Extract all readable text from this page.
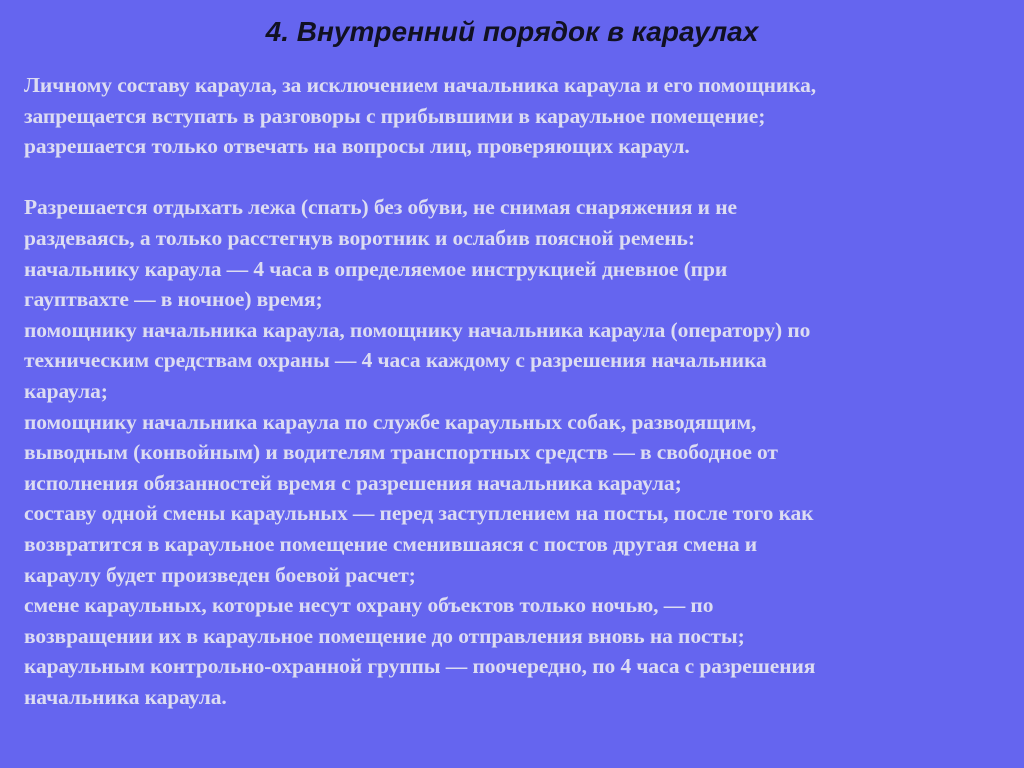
4. Внутренний порядок в караулах

Личному составу караула, за исключением начальника караула и его помощника,
запрещается вступать в разговоры с прибывшими в караульное помещение;
разрешается только отвечать на вопросы лиц, проверяющих караул.

Разрешается отдыхать лежа (спать) без обуви, не снимая снаряжения и не
раздеваясь, а только расстегнув воротник и ослабив поясной ремень:
начальнику караула — 4 часа в определяемое инструкцией дневное (при
гауптвахте — в ночное) время;
помощнику начальника караула, помощнику начальника караула (оператору) по
техническим средствам охраны — 4 часа каждому с разрешения начальника
караула;
помощнику начальника караула по службе караульных собак, разводящим,
выводным (конвойным) и водителям транспортных средств — в свободное от
исполнения обязанностей время с разрешения начальника караула;
составу одной смены караульных — перед заступлением на посты, после того как
возвратится в караульное помещение сменившаяся с постов другая смена и
караулу будет произведен боевой расчет;
смене караульных, которые несут охрану объектов только ночью, — по
возвращении их в караульное помещение до отправления вновь на посты;
караульным контрольно-охранной группы — поочередно, по 4 часа с разрешения
начальника караула.
